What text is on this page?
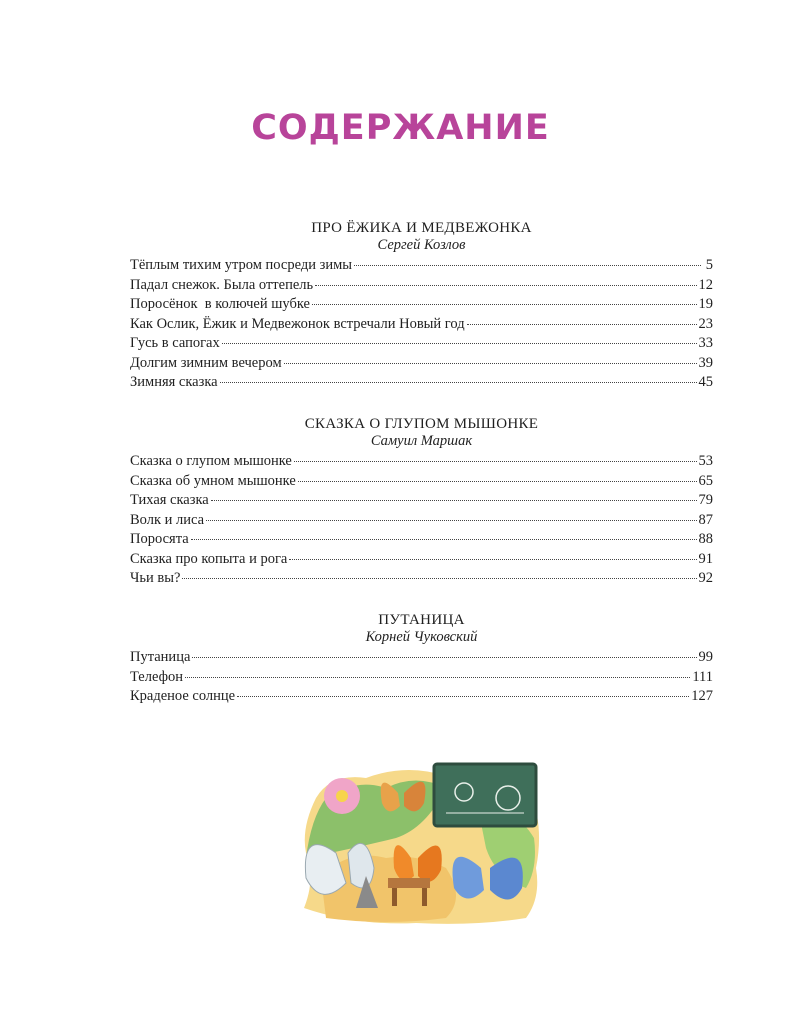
СОДЕРЖАНИЕ
ПРО ЁЖИКА И МЕДВЕЖОНКА
Сергей Козлов
Тёплым тихим утром посреди зимы	5
Падал снежок. Была оттепель	12
Поросёнок  в колючей шубке	19
Как Ослик, Ёжик и Медвежонок встречали Новый год	23
Гусь в сапогах	33
Долгим зимним вечером	39
Зимняя сказка	45
СКАЗКА О ГЛУПОМ МЫШОНКЕ
Самуил Маршак
Сказка о глупом мышонке	53
Сказка об умном мышонке	65
Тихая сказка	79
Волк и лиса	87
Поросята	88
Сказка про копыта и рога	91
Чьи вы?	92
ПУТАНИЦА
Корней Чуковский
Путаница	99
Телефон	111
Краденое солнце	127
